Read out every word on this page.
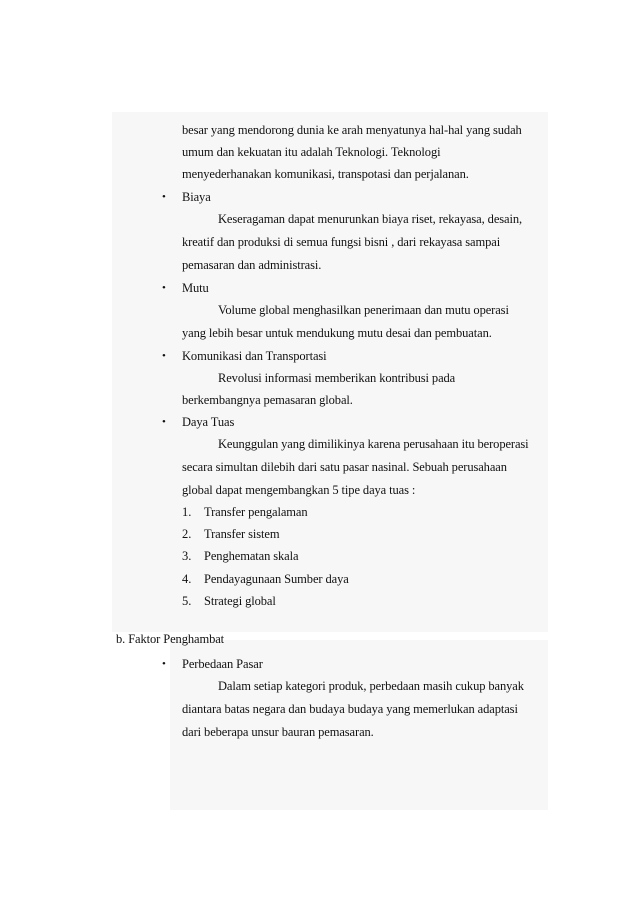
besar yang mendorong dunia ke arah menyatunya hal-hal yang sudah
umum dan kekuatan itu adalah Teknologi. Teknologi
menyederhanakan komunikasi, transpotasi dan perjalanan.
• Biaya
Keseragaman dapat menurunkan biaya riset, rekayasa, desain,
kreatif dan produksi di semua fungsi bisni , dari rekayasa sampai
pemasaran dan administrasi.
• Mutu
Volume global menghasilkan penerimaan dan mutu operasi
yang lebih besar untuk mendukung mutu desai dan pembuatan.
• Komunikasi dan Transportasi
Revolusi informasi memberikan kontribusi pada
berkembangnya pemasaran global.
• Daya Tuas
Keunggulan yang dimilikinya karena perusahaan itu beroperasi
secara simultan dilebih dari satu pasar nasinal. Sebuah perusahaan
global dapat mengembangkan 5 tipe daya tuas :
1. Transfer pengalaman
2. Transfer sistem
3. Penghematan skala
4. Pendayagunaan Sumber daya
5. Strategi global
b. Faktor Penghambat
• Perbedaan Pasar
Dalam setiap kategori produk, perbedaan masih cukup banyak
diantara batas negara dan budaya budaya yang memerlukan adaptasi
dari beberapa unsur bauran pemasaran.
